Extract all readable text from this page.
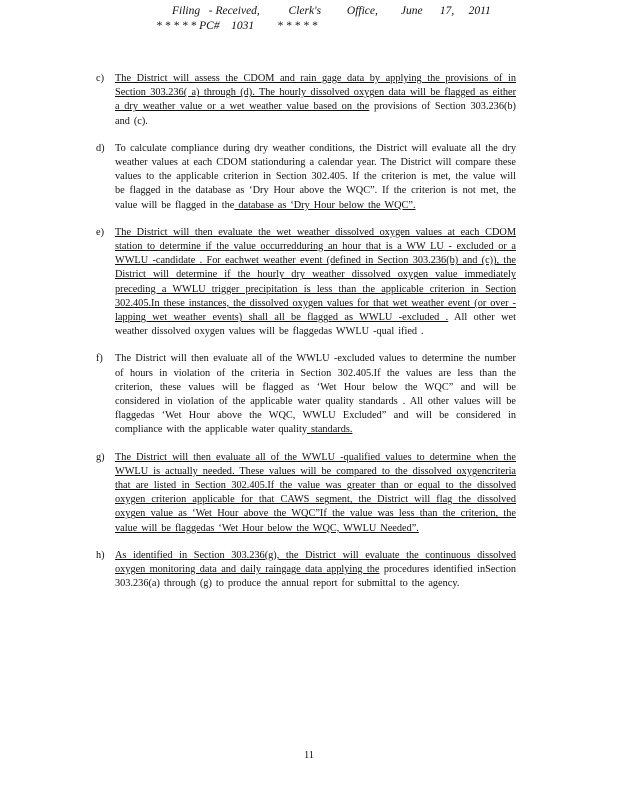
Filing   - Received,          Clerk's         Office,        June      17,     2011
* * * * * PC#    1031        * * * * *
c)	The District will assess the CDOM and rain gage data by applying the provisions of in Section 303.236( a) through (d). The hourly dissolved oxygen data will be flagged as either a dry weather value or a wet weather value based on the provisions of Section 303.236(b) and (c).
d)	To calculate compliance during dry weather conditions, the District will evaluate all the dry weather values at each CDOM stationduring a calendar year. The District will compare these values to the applicable criterion in Section 302.405. If the criterion is met, the value will be flagged in the database as ‘Dry Hour above the WQC”. If the criterion is not met, the value will be flagged in the database as ‘Dry Hour below the WQC”.
e)	The District will then evaluate the wet weather dissolved oxygen values at each CDOM station to determine if the value occurredduring an hour that is a WW LU - excluded or a WWLU -candidate . For eachwet weather event (defined in Section 303.236(b) and (c)), the District will determine if the hourly dry weather dissolved oxygen value immediately preceding a WWLU trigger precipitation is less than the applicable criterion in Section 302.405.In these instances, the dissolved oxygen values for that wet weather event (or over -lapping wet weather events) shall all be flagged as WWLU -excluded . All other wet weather dissolved oxygen values will be flaggedas WWLU -qual ified .
f)	The District will then evaluate all of the WWLU -excluded values to determine the number of hours in violation of the criteria in Section 302.405.If the values are less than the criterion, these values will be flagged as ‘Wet Hour below the WQC” and will be considered in violation of the applicable water quality standards . All other values will be flaggedas ‘Wet Hour above the WQC, WWLU Excluded” and will be considered in compliance with the applicable water quality standards.
g)	The District will then evaluate all of the WWLU -qualified values to determine when the WWLU is actually needed. These values will be compared to the dissolved oxygencriteria that are listed in Section 302.405.If the value was greater than or equal to the dissolved oxygen criterion applicable for that CAWS segment, the District will flag the dissolved oxygen value as ‘Wet Hour above the WQC”If the value was less than the criterion, the value will be flaggedas ‘Wet Hour below the WQC, WWLU Needed”.
h)	As identified in Section 303.236(g), the District will evaluate the continuous dissolved oxygen monitoring data and daily raingage data applying the procedures identified inSection 303.236(a) through (g) to produce the annual report for submittal to the agency.
11
